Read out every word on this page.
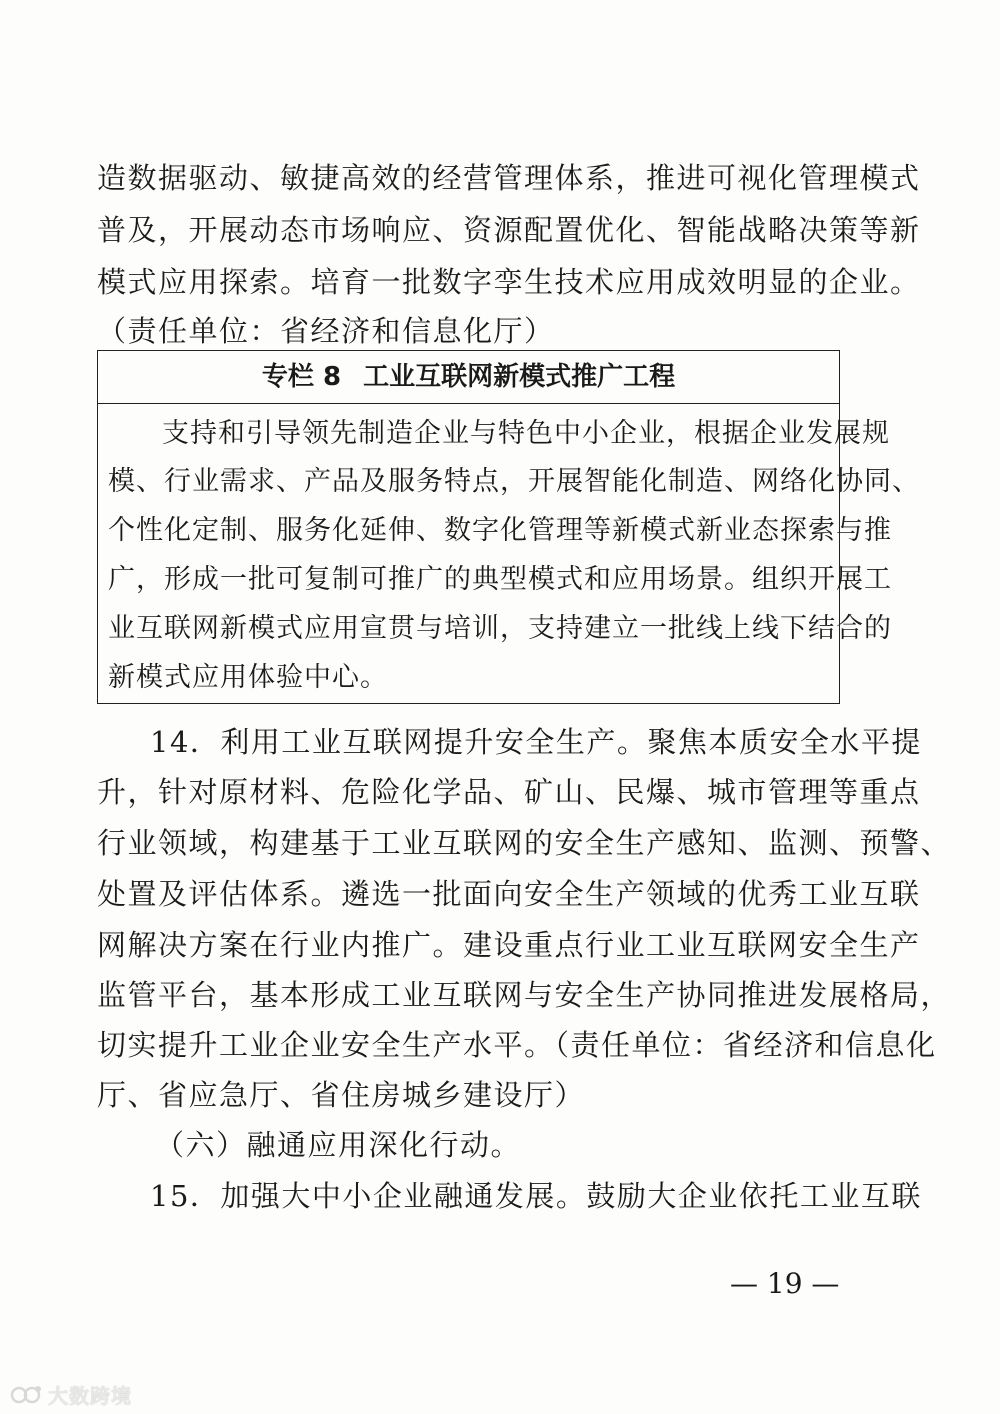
造数据驱动、敏捷高效的经营管理体系，推进可视化管理模式

普及，开展动态市场响应、资源配置优化、智能战略决策等新

模式应用探索。培育一批数字孪生技术应用成效明显的企业。

（责任单位：省经济和信息化厅）

专栏 8 工业互联网新模式推广工程

支持和引导领先制造企业与特色中小企业，根据企业发展规

模、行业需求、产品及服务特点，开展智能化制造、网络化协同、

个性化定制、服务化延伸、数字化管理等新模式新业态探索与推

广，形成一批可复制可推广的典型模式和应用场景。组织开展工

业互联网新模式应用宣贯与培训，支持建立一批线上线下结合的

新模式应用体验中心。

14．利用工业互联网提升安全生产。聚焦本质安全水平提

升，针对原材料、危险化学品、矿山、民爆、城市管理等重点

行业领域，构建基于工业互联网的安全生产感知、监测、预警、

处置及评估体系。遴选一批面向安全生产领域的优秀工业互联

网解决方案在行业内推广。建设重点行业工业互联网安全生产

监管平台，基本形成工业互联网与安全生产协同推进发展格局，

切实提升工业企业安全生产水平。（责任单位：省经济和信息化

厅、省应急厅、省住房城乡建设厅）

（六）融通应用深化行动。

15．加强大中小企业融通发展。鼓励大企业依托工业互联

— 19 —
大数跨境
